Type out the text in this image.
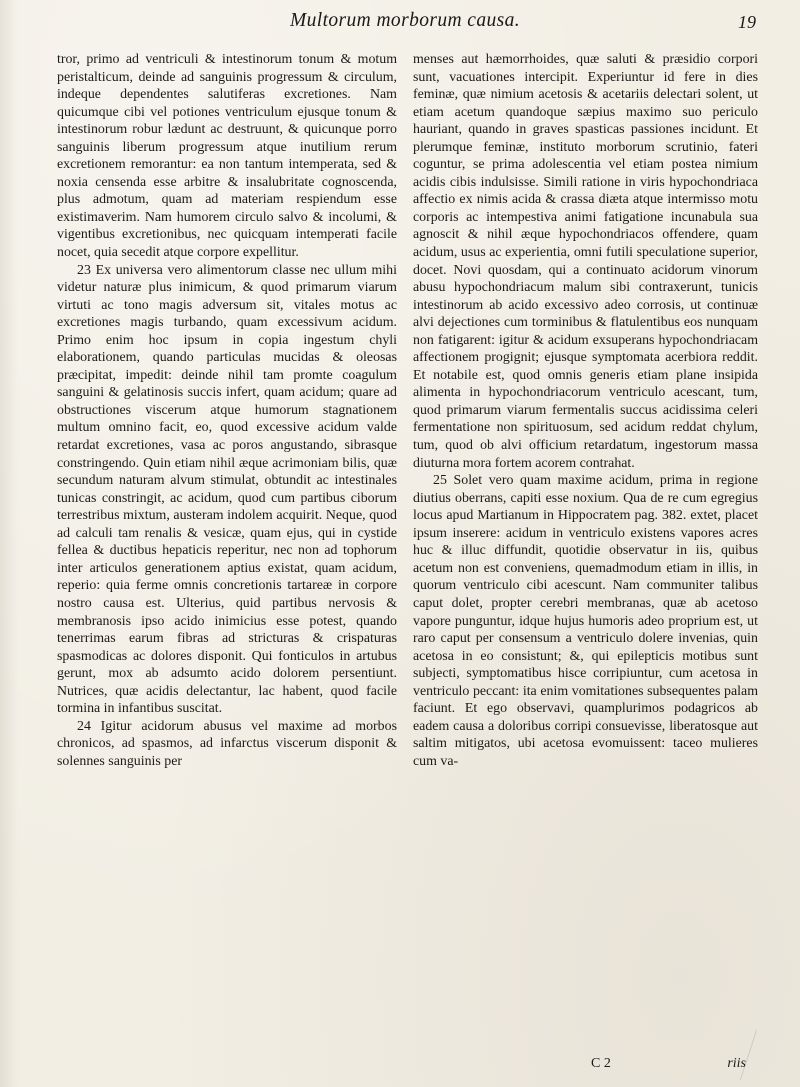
Multorum morborum causa.	19

tror, primo ad ventriculi & intestinorum tonum & motum peristalticum, deinde ad sanguinis progressum & circulum, indeque dependentes salutiferas excretiones. Nam quicumque cibi vel potiones ventriculum ejusque tonum & intestinorum robur lædunt ac destruunt, & quicunque porro sanguinis liberum progressum atque inutilium rerum excretionem remorantur: ea non tantum intemperata, sed & noxia censenda esse arbitre & insalubritate cognoscenda, plus admotum, quam ad materiam respiendum esse existimaverim. Nam humorem circulo salvo & incolumi, & vigentibus excretionibus, nec quicquam intemperati facile nocet, quia secedit atque corpore expellitur.

23 Ex universa vero alimentorum classe nec ullum mihi videtur naturæ plus inimicum, & quod primarum viarum virtuti ac tono magis adversum sit, vitales motus ac excretiones magis turbando, quam excessivum acidum. Primo enim hoc ipsum in copia ingestum chyli elaborationem, quando particulas mucidas & oleosas præcipitat, impedit: deinde nihil tam promte coagulum sanguini & gelatinosis succis infert, quam acidum; quare ad obstructiones viscerum atque humorum stagnationem multum omnino facit, eo, quod excessive acidum valde retardat excretiones, vasa ac poros angustando, sibrasque constringendo. Quin etiam nihil æque acrimoniam bilis, quæ secundum naturam alvum stimulat, obtundit ac intestinales tunicas constringit, ac acidum, quod cum partibus ciborum terrestribus mixtum, austeram indolem acquirit. Neque, quod ad calculi tam renalis & vesicæ, quam ejus, qui in cystide fellea & ductibus hepaticis reperitur, nec non ad tophorum inter articulos generationem aptius existat, quam acidum, reperio: quia ferme omnis concretionis tartareæ in corpore nostro causa est. Ulterius, quid partibus nervosis & membranosis ipso acido inimicius esse potest, quando tenerrimas earum fibras ad stricturas & crispaturas spasmodicas ac dolores disponit. Qui fonticulos in artubus gerunt, mox ab adsumto acido dolorem persentiunt. Nutrices, quæ acidis delectantur, lac habent, quod facile tormina in infantibus suscitat.

24 Igitur acidorum abusus vel maxime ad morbos chronicos, ad spasmos, ad infarctus viscerum disponit & solennes sanguinis per

menses aut hæmorrhoides, quæ saluti & præsidio corpori sunt, vacuationes intercipit. Experiuntur id fere in dies feminæ, quæ nimium acetosis & acetariis delectari solent, ut etiam acetum quandoque sæpius maximo suo periculo hauriant, quando in graves spasticas passiones incidunt. Et plerumque feminæ, instituto morborum scrutinio, fateri coguntur, se prima adolescentia vel etiam postea nimium acidis cibis indulsisse. Simili ratione in viris hypochondriaca affectio ex nimis acida & crassa diæta atque intermisso motu corporis ac intempestiva animi fatigatione incunabula sua agnoscit & nihil æque hypochondriacos offendere, quam acidum, usus ac experientia, omni futili speculatione superior, docet. Novi quosdam, qui a continuato acidorum vinorum abusu hypochondriacum malum sibi contraxerunt, tunicis intestinorum ab acido excessivo adeo corrosis, ut continuæ alvi dejectiones cum torminibus & flatulentibus eos nunquam non fatigarent: igitur & acidum exsuperans hypochondriacam affectionem progignit; ejusque symptomata acerbiora reddit. Et notabile est, quod omnis generis etiam plane insipida alimenta in hypochondriacorum ventriculo acescant, tum, quod primarum viarum fermentalis succus acidissima celeri fermentatione non spirituosum, sed acidum reddat chylum, tum, quod ob alvi officium retardatum, ingestorum massa diuturna mora fortem acorem contrahat.

25 Solet vero quam maxime acidum, prima in regione diutius oberrans, capiti esse noxium. Qua de re cum egregius locus apud Martianum in Hippocratem pag. 382. extet, placet ipsum inserere: acidum in ventriculo existens vapores acres huc & illuc diffundit, quotidie observatur in iis, quibus acetum non est conveniens, quemadmodum etiam in illis, in quorum ventriculo cibi acescunt. Nam communiter talibus caput dolet, propter cerebri membranas, quæ ab acetoso vapore punguntur, idque hujus humoris adeo proprium est, ut raro caput per consensum a ventriculo dolere invenias, quin acetosa in eo consistunt; &, qui epilepticis motibus sunt subjecti, symptomatibus hisce corripiuntur, cum acetosa in ventriculo peccant: ita enim vomitationes subsequentes palam faciunt. Et ego observavi, quamplurimos podagricos ab eadem causa a doloribus corripi consuevisse, liberatosque aut saltim mitigatos, ubi acetosa evomuissent: taceo mulieres cum va-

C 2	riis
